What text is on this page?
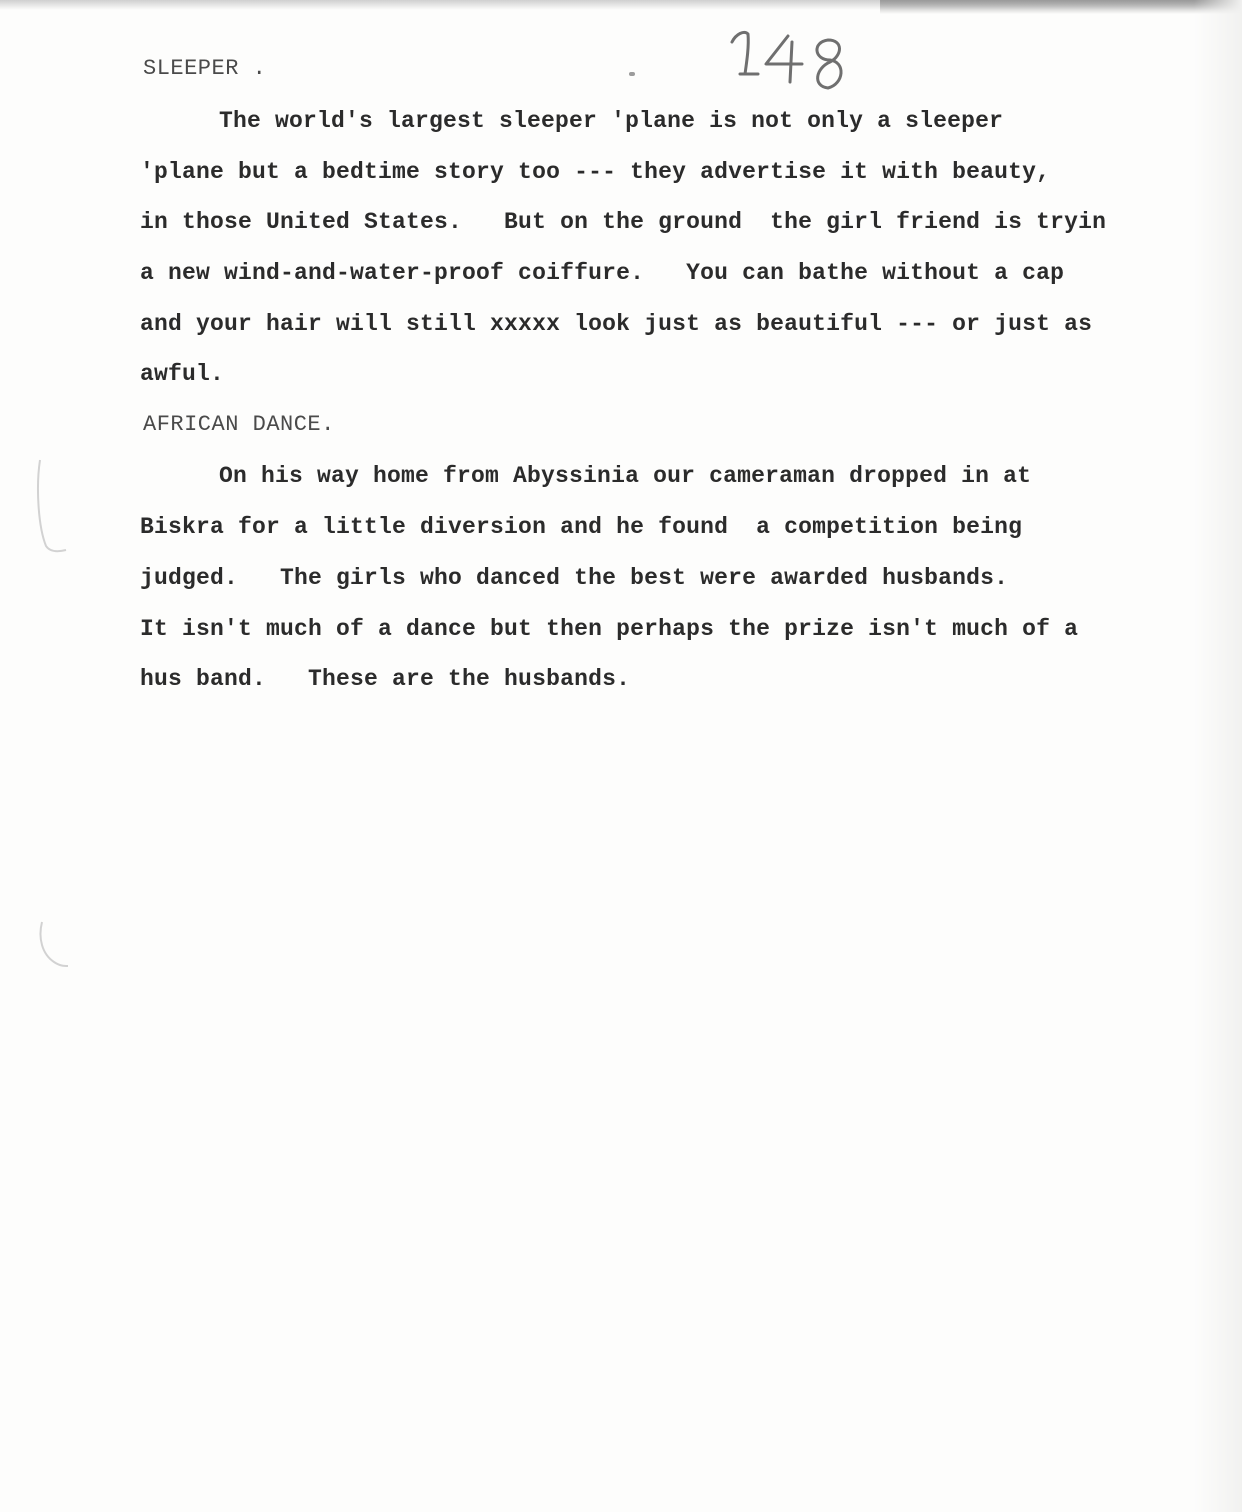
SLEEPER .
The world's largest sleeper 'plane is not only a sleeper
'plane but a bedtime story too --- they advertise it with beauty,
in those United States.   But on the ground  the girl friend is tryin
a new wind-and-water-proof coiffure.   You can bathe without a cap
and your hair will still xxxxx look just as beautiful --- or just as
awful.
AFRICAN DANCE.
On his way home from Abyssinia our cameraman dropped in at
Biskra for a little diversion and he found  a competition being
judged.   The girls who danced the best were awarded husbands.
It isn't much of a dance but then perhaps the prize isn't much of a
hus band.   These are the husbands.
